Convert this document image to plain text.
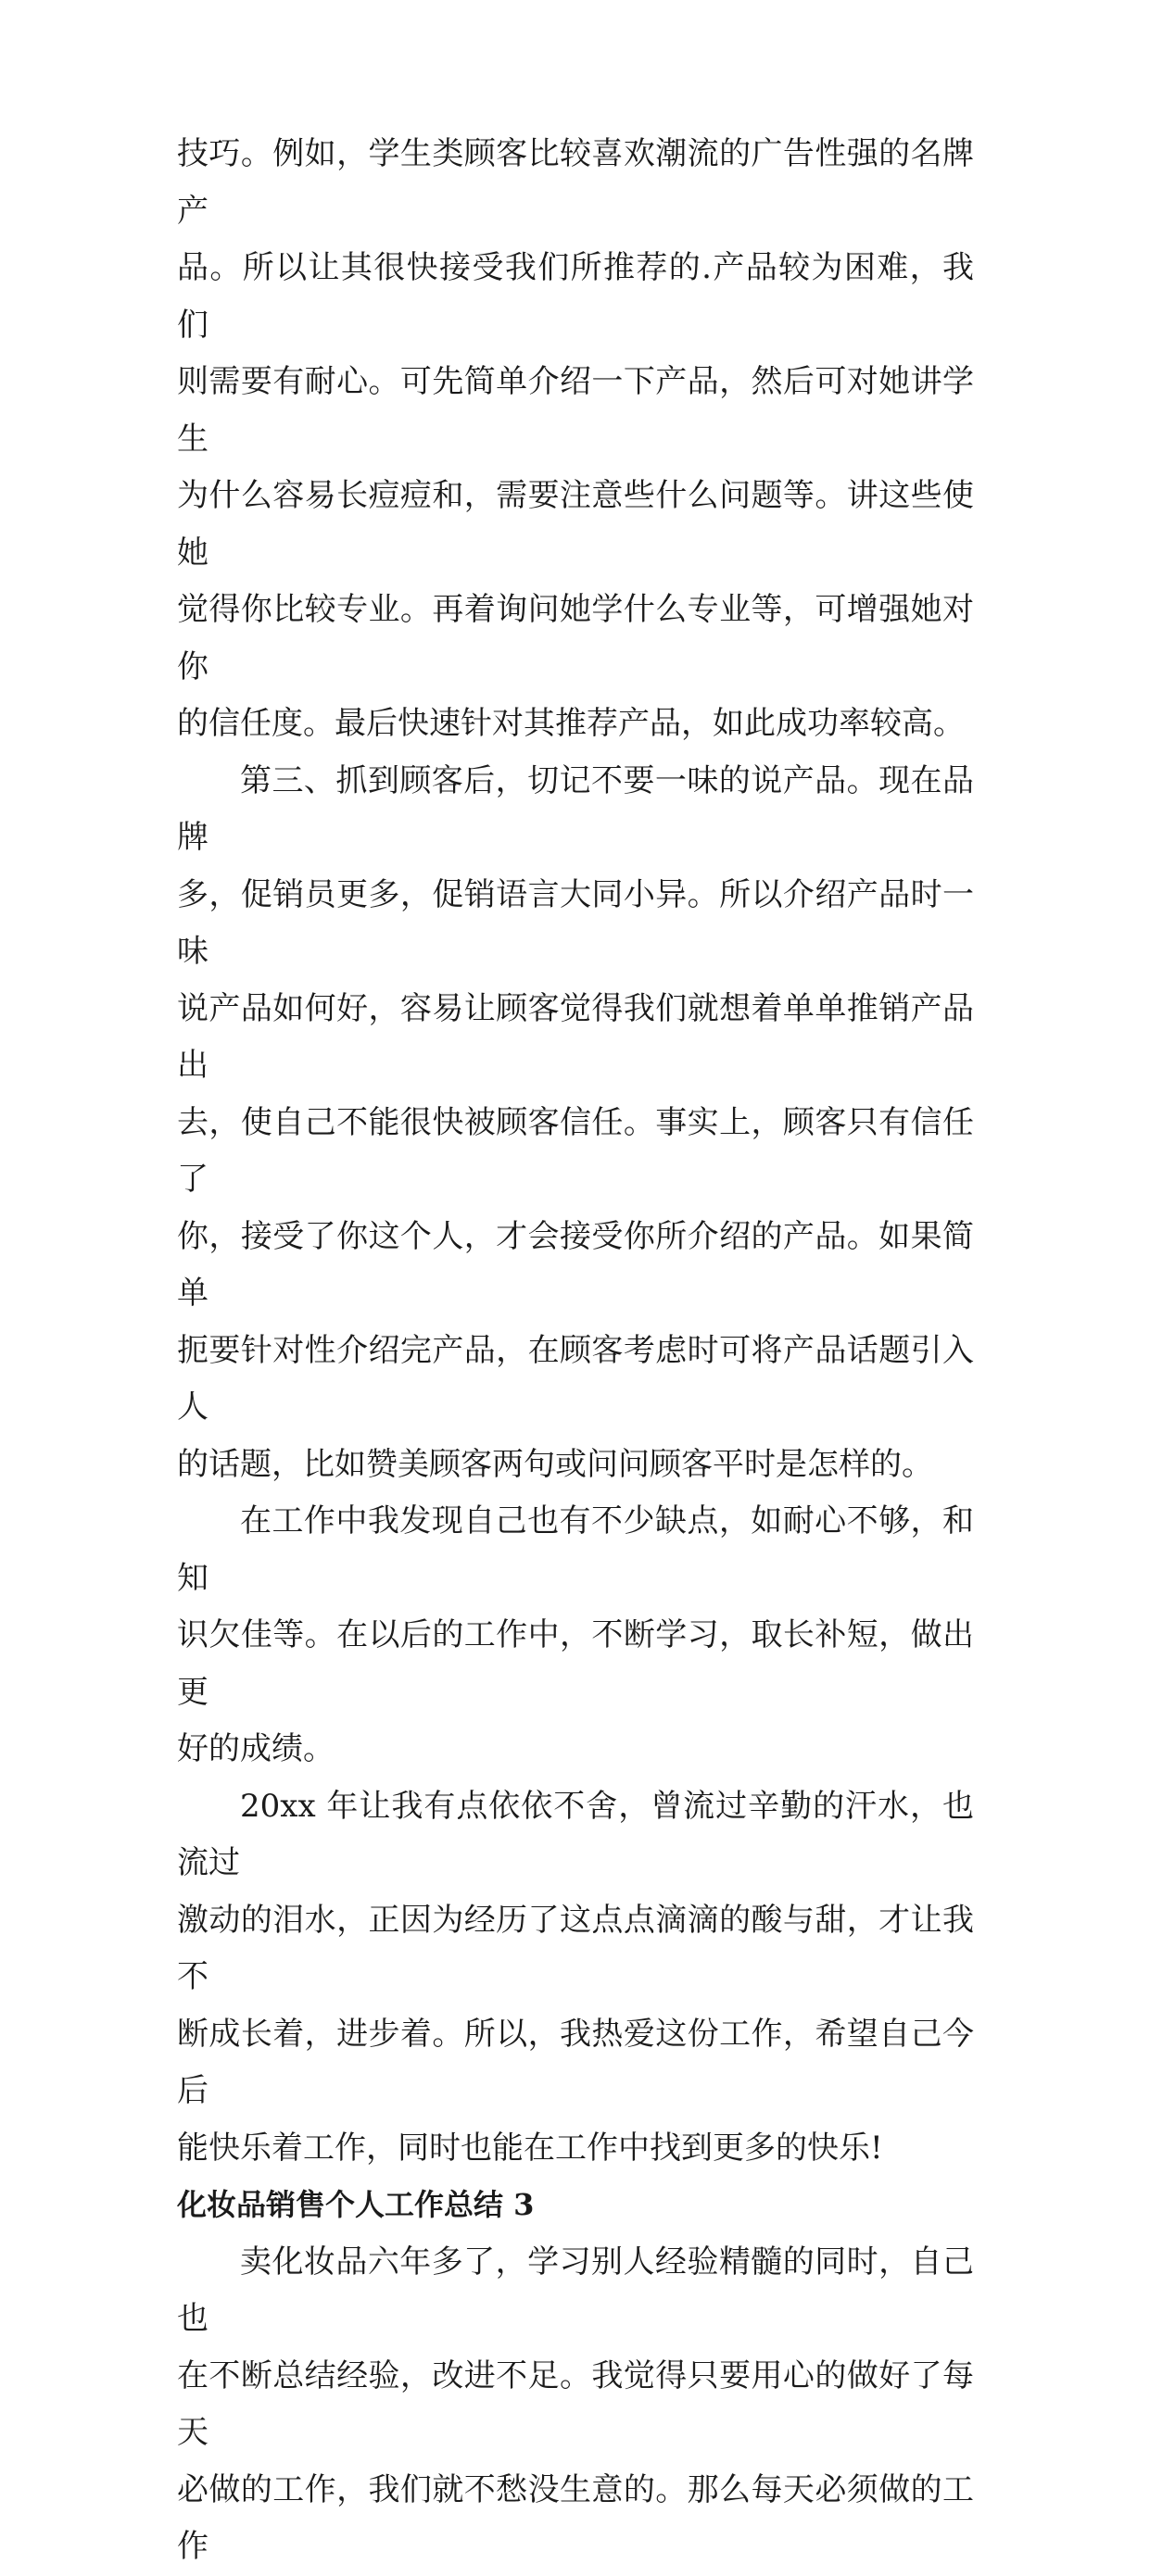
技巧。例如，学生类顾客比较喜欢潮流的广告性强的名牌产
品。所以让其很快接受我们所推荐的.产品较为困难，我们
则需要有耐心。可先简单介绍一下产品，然后可对她讲学生
为什么容易长痘痘和，需要注意些什么问题等。讲这些使她
觉得你比较专业。再着询问她学什么专业等，可增强她对你
的信任度。最后快速针对其推荐产品，如此成功率较高。

第三、抓到顾客后，切记不要一味的说产品。现在品牌
多，促销员更多，促销语言大同小异。所以介绍产品时一味
说产品如何好，容易让顾客觉得我们就想着单单推销产品出
去，使自己不能很快被顾客信任。事实上，顾客只有信任了
你，接受了你这个人，才会接受你所介绍的产品。如果简单
扼要针对性介绍完产品，在顾客考虑时可将产品话题引入人
的话题，比如赞美顾客两句或问问顾客平时是怎样的。

在工作中我发现自己也有不少缺点，如耐心不够，和知
识欠佳等。在以后的工作中，不断学习，取长补短，做出更
好的成绩。

20xx 年让我有点依依不舍，曾流过辛勤的汗水，也流过
激动的泪水，正因为经历了这点点滴滴的酸与甜，才让我不
断成长着，进步着。所以，我热爱这份工作，希望自己今后
能快乐着工作，同时也能在工作中找到更多的快乐!

化妆品销售个人工作总结 3

卖化妆品六年多了，学习别人经验精髓的同时，自己也
在不断总结经验，改进不足。我觉得只要用心的做好了每天
必做的工作，我们就不愁没生意的。那么每天必须做的工作
